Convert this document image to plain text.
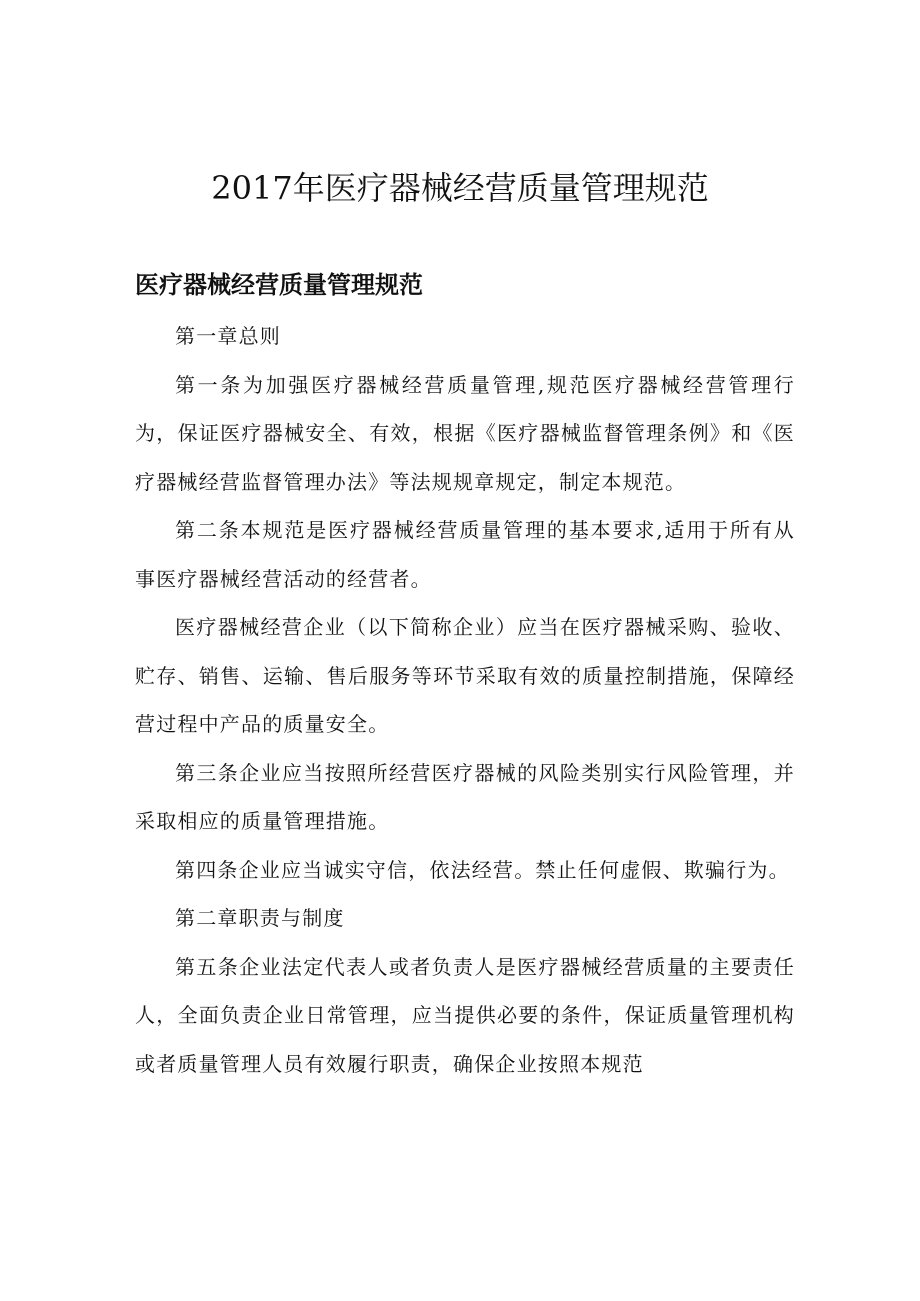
2017年医疗器械经营质量管理规范
医疗器械经营质量管理规范

第一章总则

第一条为加强医疗器械经营质量管理,规范医疗器械经营管理行为，保证医疗器械安全、有效，根据《医疗器械监督管理条例》和《医疗器械经营监督管理办法》等法规规章规定，制定本规范。

第二条本规范是医疗器械经营质量管理的基本要求,适用于所有从事医疗器械经营活动的经营者。

医疗器械经营企业（以下简称企业）应当在医疗器械采购、验收、贮存、销售、运输、售后服务等环节采取有效的质量控制措施，保障经营过程中产品的质量安全。

第三条企业应当按照所经营医疗器械的风险类别实行风险管理，并采取相应的质量管理措施。

第四条企业应当诚实守信，依法经营。禁止任何虚假、欺骗行为。

第二章职责与制度

第五条企业法定代表人或者负责人是医疗器械经营质量的主要责任人，全面负责企业日常管理，应当提供必要的条件，保证质量管理机构或者质量管理人员有效履行职责，确保企业按照本规范
